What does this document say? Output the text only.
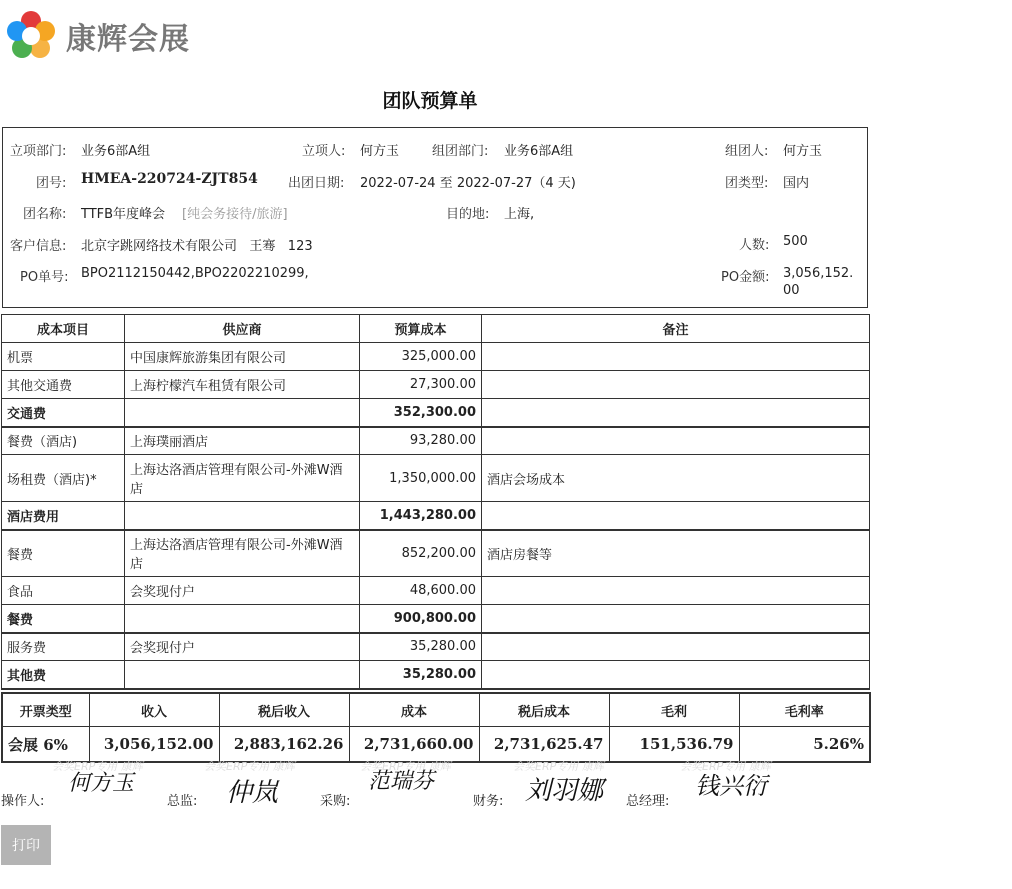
康辉会展
团队预算单
立项部门: 业务6部A组	立项人: 何方玉	组团部门: 业务6部A组	组团人: 何方玉
团号: HMEA-220724-ZJT854 出团日期: 2022-07-24 至 2022-07-27（4 天)	团类型: 国内
团名称: TTFB年度峰会 [纯会务接待/旅游]	目的地: 上海,
客户信息: 北京字跳网络技术有限公司   王骞   123	人数: 500
PO单号: BPO2112150442,BPO2202210299,	PO金额: 3,056,152.
00
成本项目	供应商	预算成本	备注
机票	中国康辉旅游集团有限公司	325,000.00	
其他交通费	上海柠檬汽车租赁有限公司	27,300.00	
交通费		352,300.00	
餐费（酒店)	上海璞丽酒店	93,280.00	
场租费（酒店)*	上海达洛酒店管理有限公司-外滩W酒店	1,350,000.00	酒店会场成本
酒店费用		1,443,280.00	
餐费	上海达洛酒店管理有限公司-外滩W酒店	852,200.00	酒店房餐等
食品	会奖现付户	48,600.00	
餐费		900,800.00	
服务费	会奖现付户	35,280.00	
其他费		35,280.00	
开票类型	收入	税后收入	成本	税后成本	毛利	毛利率
会展 6%	3,056,152.00	2,883,162.26	2,731,660.00	2,731,625.47	151,536.79	5.26%
会奖ERP专用 康辉	会奖ERP专用 康辉	会奖ERP专用 康辉	会奖ERP专用 康辉	会奖ERP专用 康辉
操作人:
何方玉
总监: 仲岚	采购:
范瑞芬
财务: 刘羽娜 总经理:
钱兴衍
打印
